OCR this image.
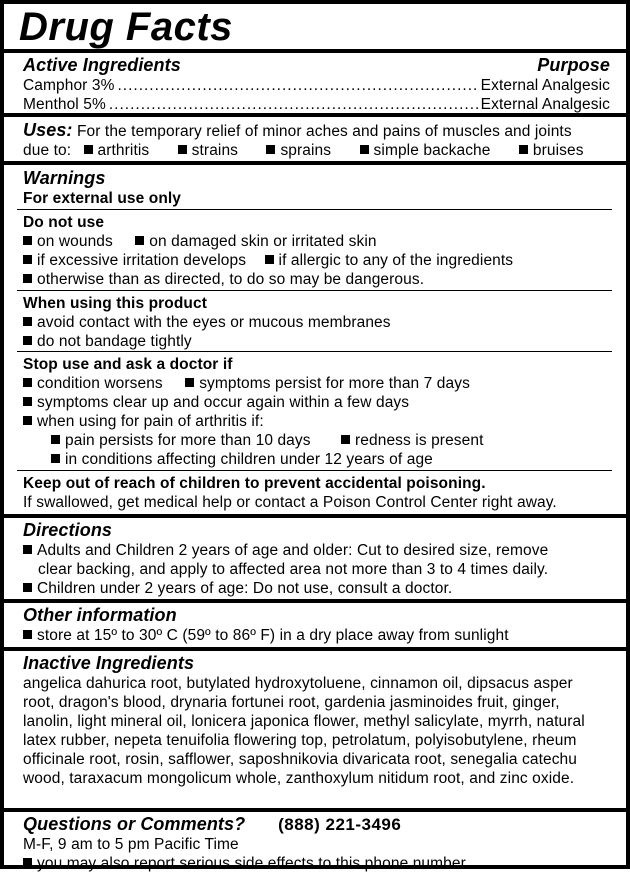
Drug Facts
Active Ingredients	Purpose
Camphor 3% .....	External Analgesic
Menthol 5% .....	External Analgesic
Uses: For the temporary relief of minor aches and pains of muscles and joints
due to: arthritis	strains	sprains	simple backache	bruises
Warnings
For external use only
Do not use
on wounds on damaged skin or irritated skin
if excessive irritation develops if allergic to any of the ingredients
otherwise than as directed, to do so may be dangerous.
When using this product
avoid contact with the eyes or mucous membranes
do not bandage tightly
Stop use and ask a doctor if
condition worsens symptoms persist for more than 7 days
symptoms clear up and occur again within a few days
when using for pain of arthritis if:
pain persists for more than 10 days	redness is present
in conditions affecting children under 12 years of age
Keep out of reach of children to prevent accidental poisoning.
If swallowed, get medical help or contact a Poison Control Center right away.
Directions
Adults and Children 2 years of age and older: Cut to desired size, remove clear backing, and apply to affected area not more than 3 to 4 times daily.
Children under 2 years of age: Do not use, consult a doctor.
Other information
store at 15º to 30º C (59º to 86º F) in a dry place away from sunlight
Inactive Ingredients
angelica dahurica root, butylated hydroxytoluene, cinnamon oil, dipsacus asper root, dragon's blood, drynaria fortunei root, gardenia jasminoides fruit, ginger, lanolin, light mineral oil, lonicera japonica flower, methyl salicylate, myrrh, natural latex rubber, nepeta tenuifolia flowering top, petrolatum, polyisobutylene, rheum officinale root, rosin, safflower, saposhnikovia divaricata root, senegalia catechu wood, taraxacum mongolicum whole, zanthoxylum nitidum root, and zinc oxide.
Questions or Comments? (888) 221-3496
M-F, 9 am to 5 pm Pacific Time
you may also report serious side effects to this phone number.
